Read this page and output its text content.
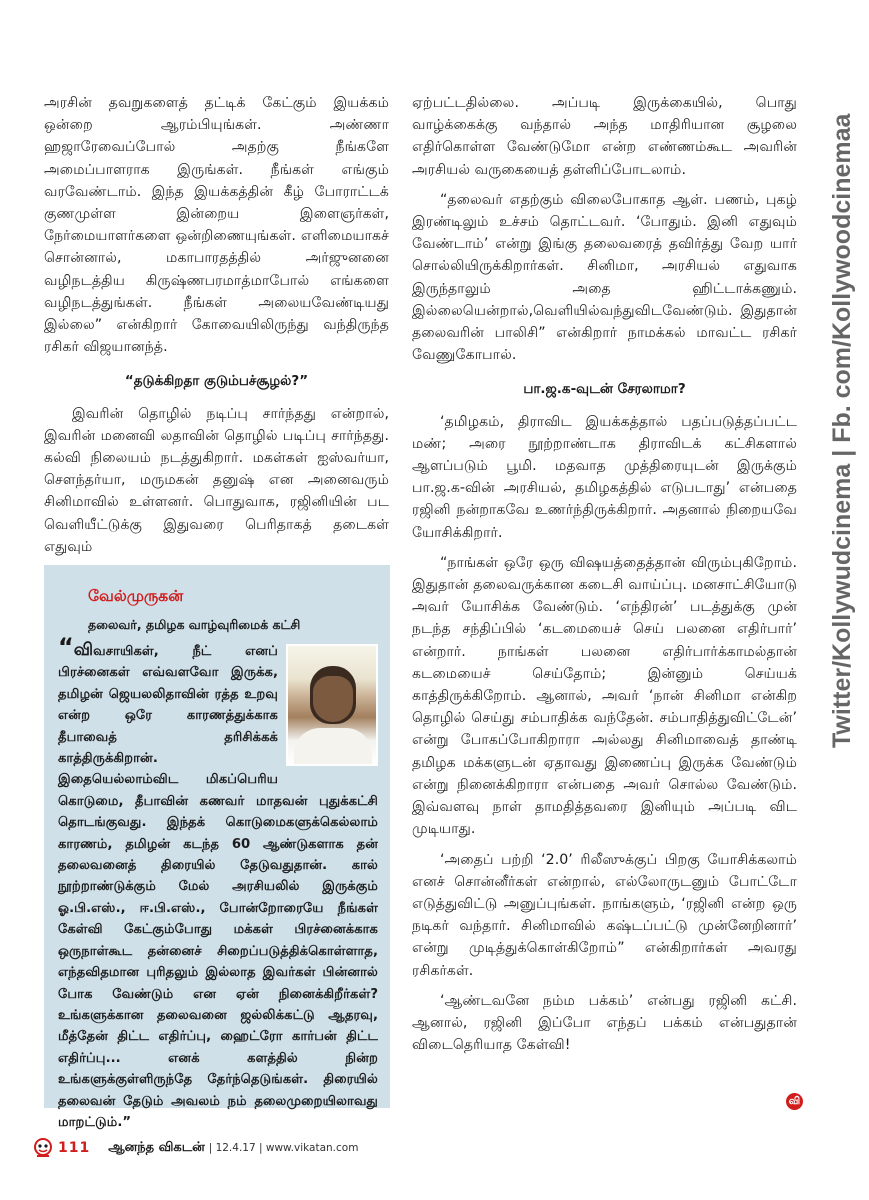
அரசின் தவறுகளைத் தட்டிக் கேட்கும் இயக்கம் ஒன்றை ஆரம்பியுங்கள். அண்ணா ஹஜாரேவைப்போல் அதற்கு நீங்களே அமைப்பாளராக இருங்கள். நீங்கள் எங்கும் வரவேண்டாம். இந்த இயக்கத்தின் கீழ் போராட்டக் குணமுள்ள இன்றைய இளைஞர்கள், நேர்மையாளர்களை ஒன்றிணையுங்கள். எளிமையாகச் சொன்னால், மகாபாரதத்தில் அர்ஜுனனை வழிநடத்திய கிருஷ்ணபரமாத்மாபோல் எங்களை வழிநடத்துங்கள். நீங்கள் அலையவேண்டியது இல்லை” என்கிறார் கோவையிலிருந்து வந்திருந்த ரசிகர் விஜயானந்த்.

“தடுக்கிறதா குடும்பச்சூழல்?”

இவரின் தொழில் நடிப்பு சார்ந்தது என்றால், இவரின் மனைவி லதாவின் தொழில் படிப்பு சார்ந்தது. கல்வி நிலையம் நடத்துகிறார். மகள்கள் ஐஸ்வர்யா, சௌந்தர்யா, மருமகன் தனுஷ் என அனைவரும் சினிமாவில் உள்ளனர். பொதுவாக, ரஜினியின் பட வெளியீட்டுக்கு இதுவரை பெரிதாகத் தடைகள் எதுவும்

வேல்முருகன்
தலைவர், தமிழக வாழ்வுரிமைக் கட்சி
“விவசாயிகள், நீட் எனப் பிரச்னைகள் எவ்வளவோ இருக்க, தமிழன் ஜெயலலிதாவின் ரத்த உறவு என்ற ஒரே காரணத்துக்காக தீபாவைத் தரிசிக்கக் காத்திருக்கிறான். இதையெல்லாம்விட மிகப்பெரிய கொடுமை, தீபாவின் கணவர் மாதவன் புதுக்கட்சி தொடங்குவது. இந்தக் கொடுமைகளுக்கெல்லாம் காரணம், தமிழன் கடந்த 60 ஆண்டுகளாக தன் தலைவனைத் திரையில் தேடுவதுதான். கால் நூற்றாண்டுக்கும் மேல் அரசியலில் இருக்கும் ஓ.பி.எஸ்., ஈ.பி.எஸ்., போன்றோரையே நீங்கள் கேள்வி கேட்கும்போது மக்கள் பிரச்னைக்காக ஒருநாள்கூட தன்னைச் சிறைப்படுத்திக்கொள்ளாத, எந்தவிதமான புரிதலும் இல்லாத இவர்கள் பின்னால் போக வேண்டும் என ஏன் நினைக்கிறீர்கள்? உங்களுக்கான தலைவனை ஜல்லிக்கட்டு ஆதரவு, மீத்தேன் திட்ட எதிர்ப்பு, ஹைட்ரோ கார்பன் திட்ட எதிர்ப்பு... எனக் களத்தில் நின்ற உங்களுக்குள்ளிருந்தே தேர்ந்தெடுங்கள். திரையில் தலைவன் தேடும் அவலம் நம் தலைமுறையிலாவது மாறட்டும்.”

ஏற்பட்டதில்லை. அப்படி இருக்கையில், பொது வாழ்க்கைக்கு வந்தால் அந்த மாதிரியான சூழலை எதிர்கொள்ள வேண்டுமோ என்ற எண்ணம்கூட அவரின் அரசியல் வருகையைத் தள்ளிப்போடலாம்.

“தலைவர் எதற்கும் விலைபோகாத ஆள். பணம், புகழ் இரண்டிலும் உச்சம் தொட்டவர். ‘போதும். இனி எதுவும் வேண்டாம்’ என்று இங்கு தலைவரைத் தவிர்த்து வேற யார் சொல்லியிருக்கிறார்கள். சினிமா, அரசியல் எதுவாக இருந்தாலும் அதை ஹிட்டாக்கணும். இல்லையென்றால்,வெளியில்வந்துவிடவேண்டும். இதுதான் தலைவரின் பாலிசி” என்கிறார் நாமக்கல் மாவட்ட ரசிகர் வேணுகோபால்.

பா.ஜ.க-வுடன் சேரலாமா?

‘தமிழகம், திராவிட இயக்கத்தால் பதப்படுத்தப்பட்ட மண்; அரை நூற்றாண்டாக திராவிடக் கட்சிகளால் ஆளப்படும் பூமி. மதவாத முத்திரையுடன் இருக்கும் பா.ஜ.க-வின் அரசியல், தமிழகத்தில் எடுபடாது’ என்பதை ரஜினி நன்றாகவே உணர்ந்திருக்கிறார். அதனால் நிறையவே யோசிக்கிறார்.

“நாங்கள் ஒரே ஒரு விஷயத்தைத்தான் விரும்புகிறோம். இதுதான் தலைவருக்கான கடைசி வாய்ப்பு. மனசாட்சியோடு அவர் யோசிக்க வேண்டும். ‘எந்திரன்’ படத்துக்கு முன் நடந்த சந்திப்பில் ‘கடமையைச் செய் பலனை எதிர்பார்’ என்றார். நாங்கள் பலனை எதிர்பார்க்காமல்தான் கடமையைச் செய்தோம்; இன்னும் செய்யக் காத்திருக்கிறோம். ஆனால், அவர் ‘நான் சினிமா என்கிற தொழில் செய்து சம்பாதிக்க வந்தேன். சம்பாதித்துவிட்டேன்’ என்று போகப்போகிறாரா அல்லது சினிமாவைத் தாண்டி தமிழக மக்களுடன் ஏதாவது இணைப்பு இருக்க வேண்டும் என்று நினைக்கிறாரா என்பதை அவர் சொல்ல வேண்டும். இவ்வளவு நாள் தாமதித்தவரை இனியும் அப்படி விட முடியாது.

‘அதைப் பற்றி ‘2.0’ ரிலீஸுக்குப் பிறகு யோசிக்கலாம் எனச் சொன்னீர்கள் என்றால், எல்லோருடனும் போட்டோ எடுத்துவிட்டு அனுப்புங்கள். நாங்களும், ‘ரஜினி என்ற ஒரு நடிகர் வந்தார். சினிமாவில் கஷ்டப்பட்டு முன்னேறினார்’ என்று முடித்துக்கொள்கிறோம்” என்கிறார்கள் அவரது ரசிகர்கள்.

‘ஆண்டவனே நம்ம பக்கம்’ என்பது ரஜினி கட்சி. ஆனால், ரஜினி இப்போ எந்தப் பக்கம் என்பதுதான் விடைதெரியாத கேள்வி!

வி
Twitter/Kollywudcinema | Fb. com/Kollywoodcinemaa
111 ஆனந்த விகடன் | 12.4.17 | www.vikatan.com
